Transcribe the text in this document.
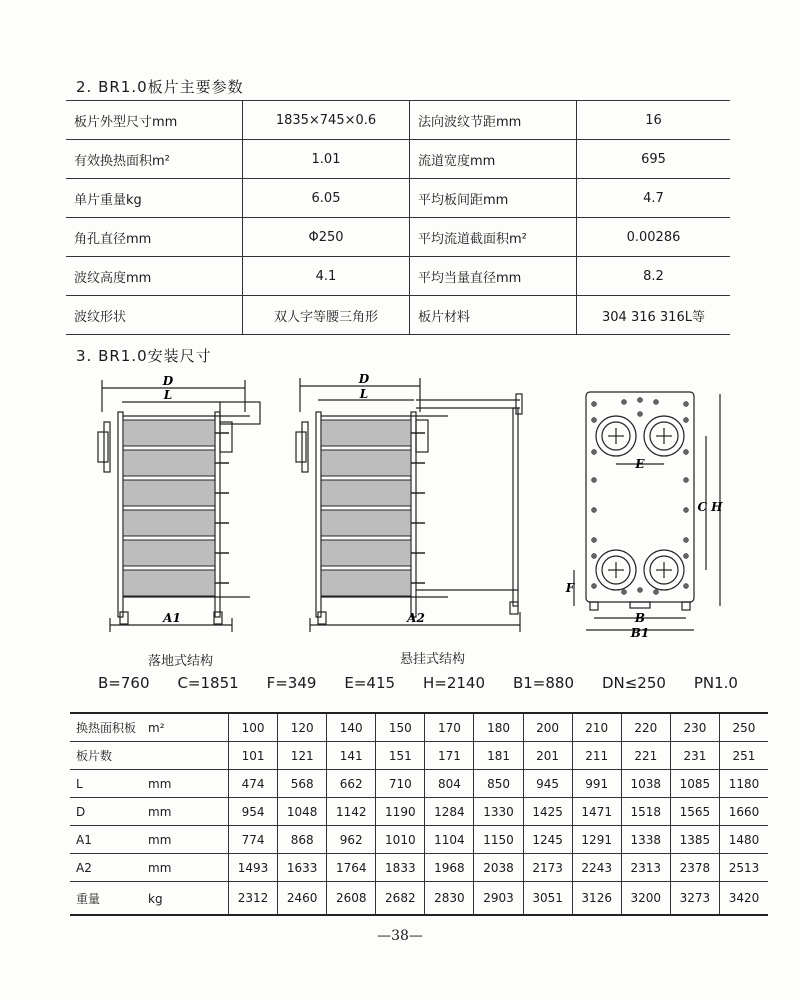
2. BR1.0板片主要参数
板片外型尺寸mm	1835×745×0.6	法向波纹节距mm	16
有效换热面积m²	1.01	流道宽度mm	695
单片重量kg	6.05	平均板间距mm	4.7
角孔直径mm	Φ250	平均流道截面积m²	0.00286
波纹高度mm	4.1	平均当量直径mm	8.2
波纹形状	双人字等腰三角形	板片材料	304 316 316L等
3. BR1.0安装尺寸
D
L
A1
落地式结构
D
L
A2
悬挂式结构
E
C H
F
B
B1
B=760 C=1851 F=349 E=415 H=2140 B1=880 DN≤250 PN1.0
换热面积板 m²	100	120	140	150	170	180	200	210	220	230	250
板片数	101	121	141	151	171	181	201	211	221	231	251
L mm	474	568	662	710	804	850	945	991	1038	1085	1180
D mm	954	1048	1142	1190	1284	1330	1425	1471	1518	1565	1660
A1 mm	774	868	962	1010	1104	1150	1245	1291	1338	1385	1480
A2 mm	1493	1633	1764	1833	1968	2038	2173	2243	2313	2378	2513
重量 kg	2312	2460	2608	2682	2830	2903	3051	3126	3200	3273	3420
—38—
